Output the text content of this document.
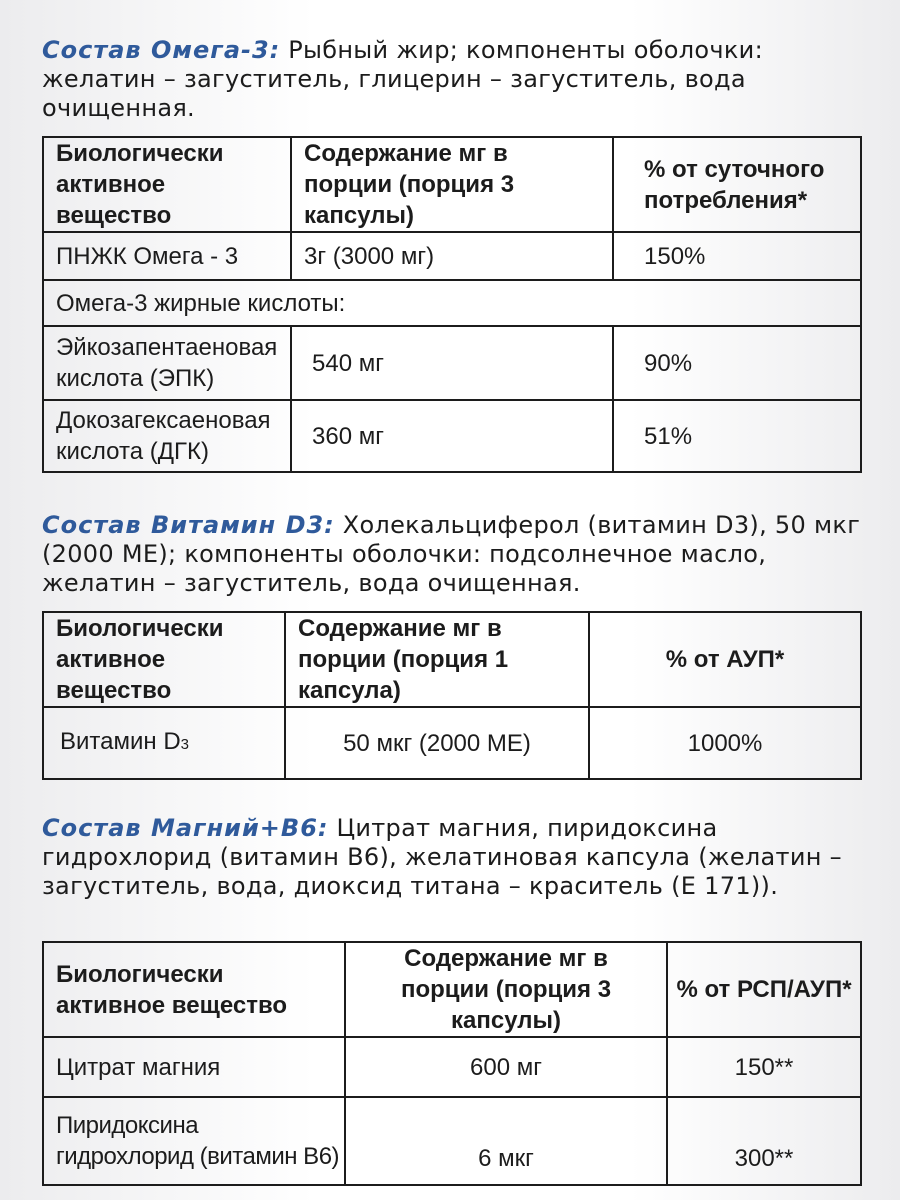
Состав Омега-3: Рыбный жир; компоненты оболочки: желатин – загуститель, глицерин – загуститель, вода очищенная.
Биологически активное вещество	Содержание мг в порции (порция 3 капсулы)	% от суточного потребления*
ПНЖК Омега - 3	3г (3000 мг)	150%
Омега-3 жирные кислоты:		
Эйкозапентаеновая кислота (ЭПК)	540 мг	90%
Докозагексаеновая кислота (ДГК)	360 мг	51%
Состав Витамин D3: Холекальциферол (витамин D3), 50 мкг (2000 МЕ); компоненты оболочки: подсолнечное масло, желатин – загуститель, вода очищенная.
Биологически активное вещество	Содержание мг в порции (порция 1 капсула)	% от АУП*
Витамин D3	50 мкг (2000 МЕ)	1000%
Состав Магний+B6: Цитрат магния, пиридоксина гидрохлорид (витамин В6), желатиновая капсула (желатин – загуститель, вода, диоксид титана – краситель (Е 171)).
Биологически активное вещество	Содержание мг в порции (порция 3 капсулы)	% от РСП/АУП*
Цитрат магния	600 мг	150**
Пиридоксина гидрохлорид (витамин В6)	6 мкг	300**
